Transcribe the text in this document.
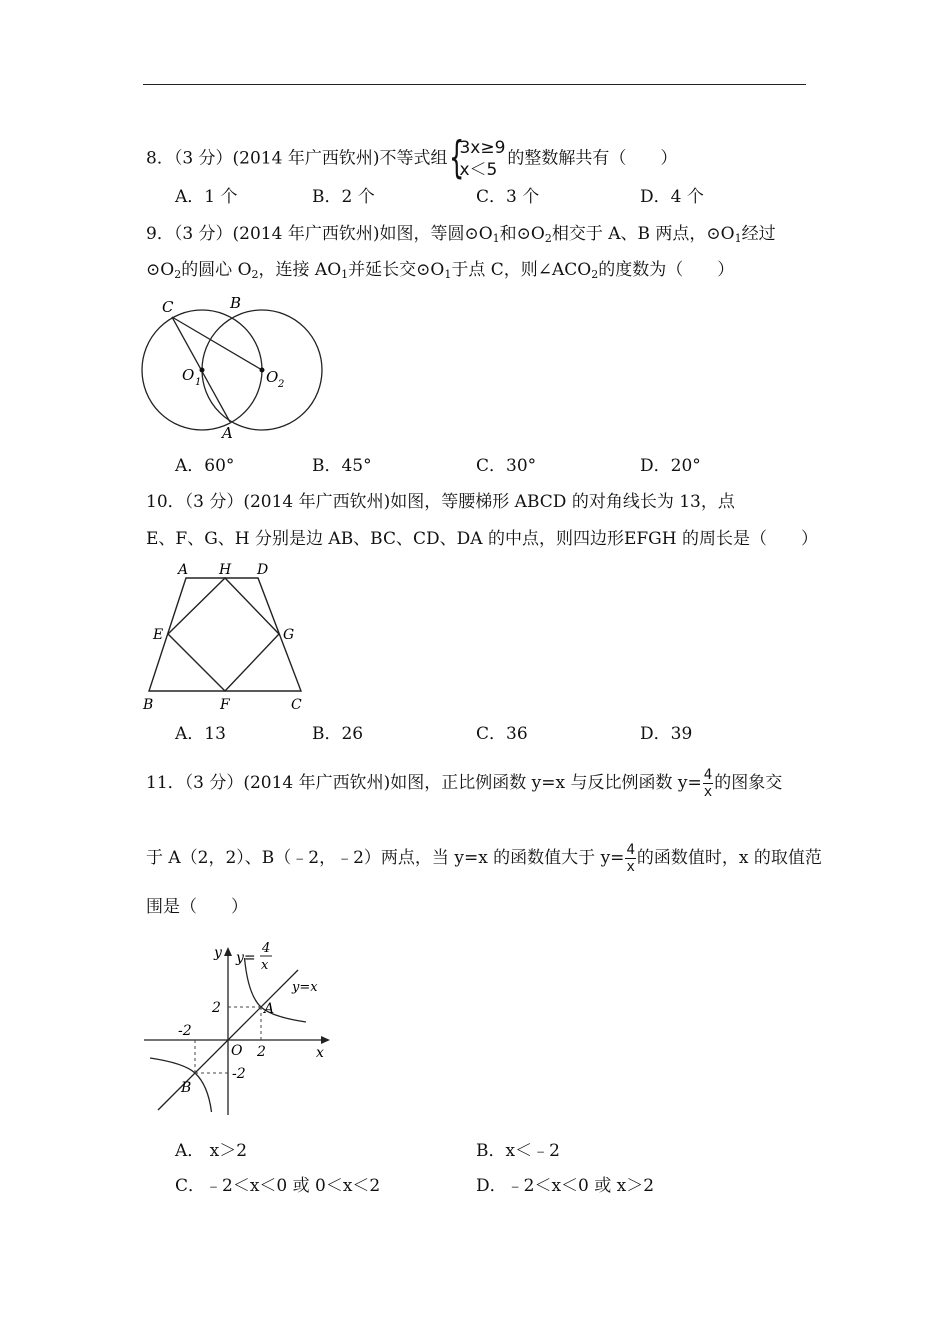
8．（3 分）(2014 年广西钦州)不等式组 {
3x≥9
x＜5
的整数解共有（　　）
A．1 个	B．2 个	C．3 个	D．4 个
9．（3 分）(2014 年广西钦州)如图，等圆$⊙O_1$和$⊙O_2$相交于 A、B 两点，$⊙O_1$经过
$⊙O_2$的圆心 $O_2$，连接 $AO_1$并延长交$⊙O_1$于点 C，则$\angle ACO_2$的度数为（　　）
C	B
O 1	O 2
A
A．60°	B．45°	C．30°	D．20°
10．（3 分）(2014 年广西钦州)如图，等腰梯形 ABCD 的对角线长为 13，点
E、F、G、H 分别是边 AB、BC、CD、DA 的中点，则四边形EFGH 的周长是（　　）
A H D
E	G
B	F	C
A．13	B．26	C．36	D．39
11．（3 分）(2014 年广西钦州)如图，正比例函数 y=x 与反比例函数 $y= \frac{4}{x}$ 的图象交
于 A（2，2）、B（﹣2，﹣2）两点，当 y=x 的函数值大于 $y= \frac{4}{x}$ 的函数值时，x 的取值范
围是（　　）
y
x
y=
4
x
y=x
O 2
2
-2
-2
A
B
A． x＞2	B．x＜﹣2
C．﹣2＜x＜0 或 0＜x＜2	D．﹣2＜x＜0 或 x＞2
